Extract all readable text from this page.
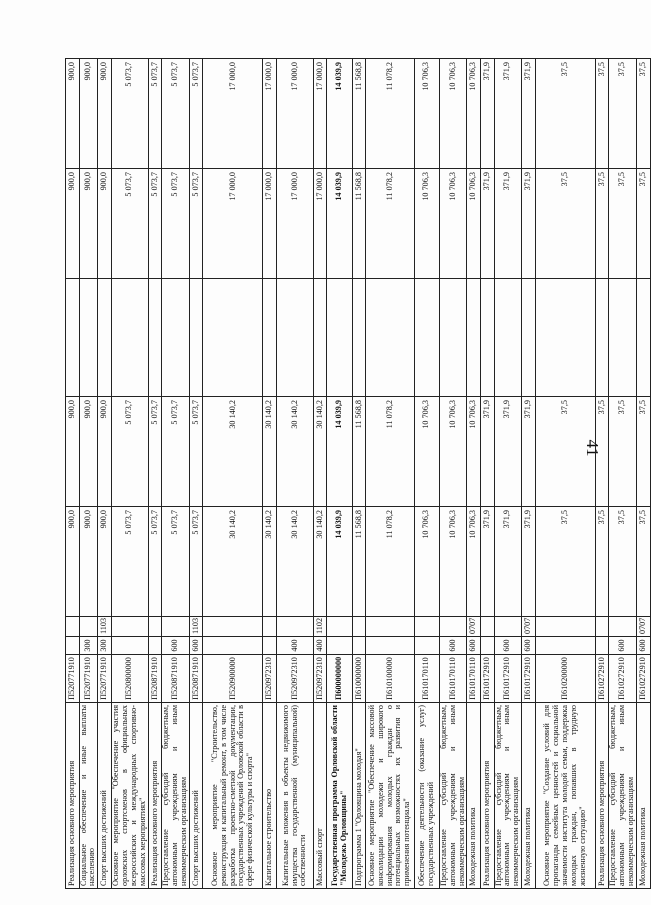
41
Реализация основного мероприятия	П520771910			900,0	900,0		900,0	900,0
Социальное обеспечение и иные выплаты населению	П520771910	300		900,0	900,0		900,0	900,0
Спорт высших достижений	П520771910	300	1103	900,0	900,0		900,0	900,0
Основное мероприятие "Обеспечение участия орловских спортсменов в официальных всероссийских и международных спортивно-массовых мероприятиях"	П520800000			5 073,7	5 073,7		5 073,7	5 073,7
Реализация основного мероприятия	П520871910			5 073,7	5 073,7		5 073,7	5 073,7
Предоставление субсидий бюджетным, автономным учреждениям и иным некоммерческим организациям	П520871910	600		5 073,7	5 073,7		5 073,7	5 073,7
Спорт высших достижений	П520871910	600	1103	5 073,7	5 073,7		5 073,7	5 073,7
Основное мероприятие "Строительство, реконструкция и капитальный ремонт, в том числе разработка проектно-сметной документации, государственных учреждений Орловской области в сфере физической культуры и спорта"	П520900000			30 140,2	30 140,2		17 000,0	17 000,0
Капитальное строительство	П520972310			30 140,2	30 140,2		17 000,0	17 000,0
Капитальные вложения в объекты недвижимого имущества государственной (муниципальной) собственности	П520972310	400		30 140,2	30 140,2		17 000,0	17 000,0
Массовый спорт	П520972310	400	1102	30 140,2	30 140,2		17 000,0	17 000,0
Государственная программа Орловской области "Молодежь Орловщины"	П600000000			14 039,9	14 039,9		14 039,9	14 039,9
Подпрограмма 1 "Орловщина молодая"	П610000000			11 568,8	11 568,8		11 568,8	11 568,8
Основное мероприятие "Обеспечение массовой консолидации молодежи и широкого информирования молодых граждан о потенциальных возможностях их развития и применения потенциала"	П610100000			11 078,2	11 078,2		11 078,2	11 078,2
Обеспечение деятельности (оказание услуг) государственных учреждений	П610170110			10 706,3	10 706,3		10 706,3	10 706,3
Предоставление субсидий бюджетным, автономным учреждениям и иным некоммерческим организациям	П610170110	600		10 706,3	10 706,3		10 706,3	10 706,3
Молодежная политика	П610170110	600	0707	10 706,3	10 706,3		10 706,3	10 706,3
Реализация основного мероприятия	П610172910			371,9	371,9		371,9	371,9
Предоставление субсидий бюджетным, автономным учреждениям и иным некоммерческим организациям	П610172910	600		371,9	371,9		371,9	371,9
Молодежная политика	П610172910	600	0707	371,9	371,9		371,9	371,9
Основное мероприятие "Создание условий для пропаганды семейных ценностей и социальной значимости института молодой семьи, поддержка молодых граждан, попавших в трудную жизненную ситуацию"	П610200000			37,5	37,5		37,5	37,5
Реализация основного мероприятия	П610272910			37,5	37,5		37,5	37,5
Предоставление субсидий бюджетным, автономным учреждениям и иным некоммерческим организациям	П610272910	600		37,5	37,5		37,5	37,5
Молодежная политика	П610272910	600	0707	37,5	37,5		37,5	37,5
